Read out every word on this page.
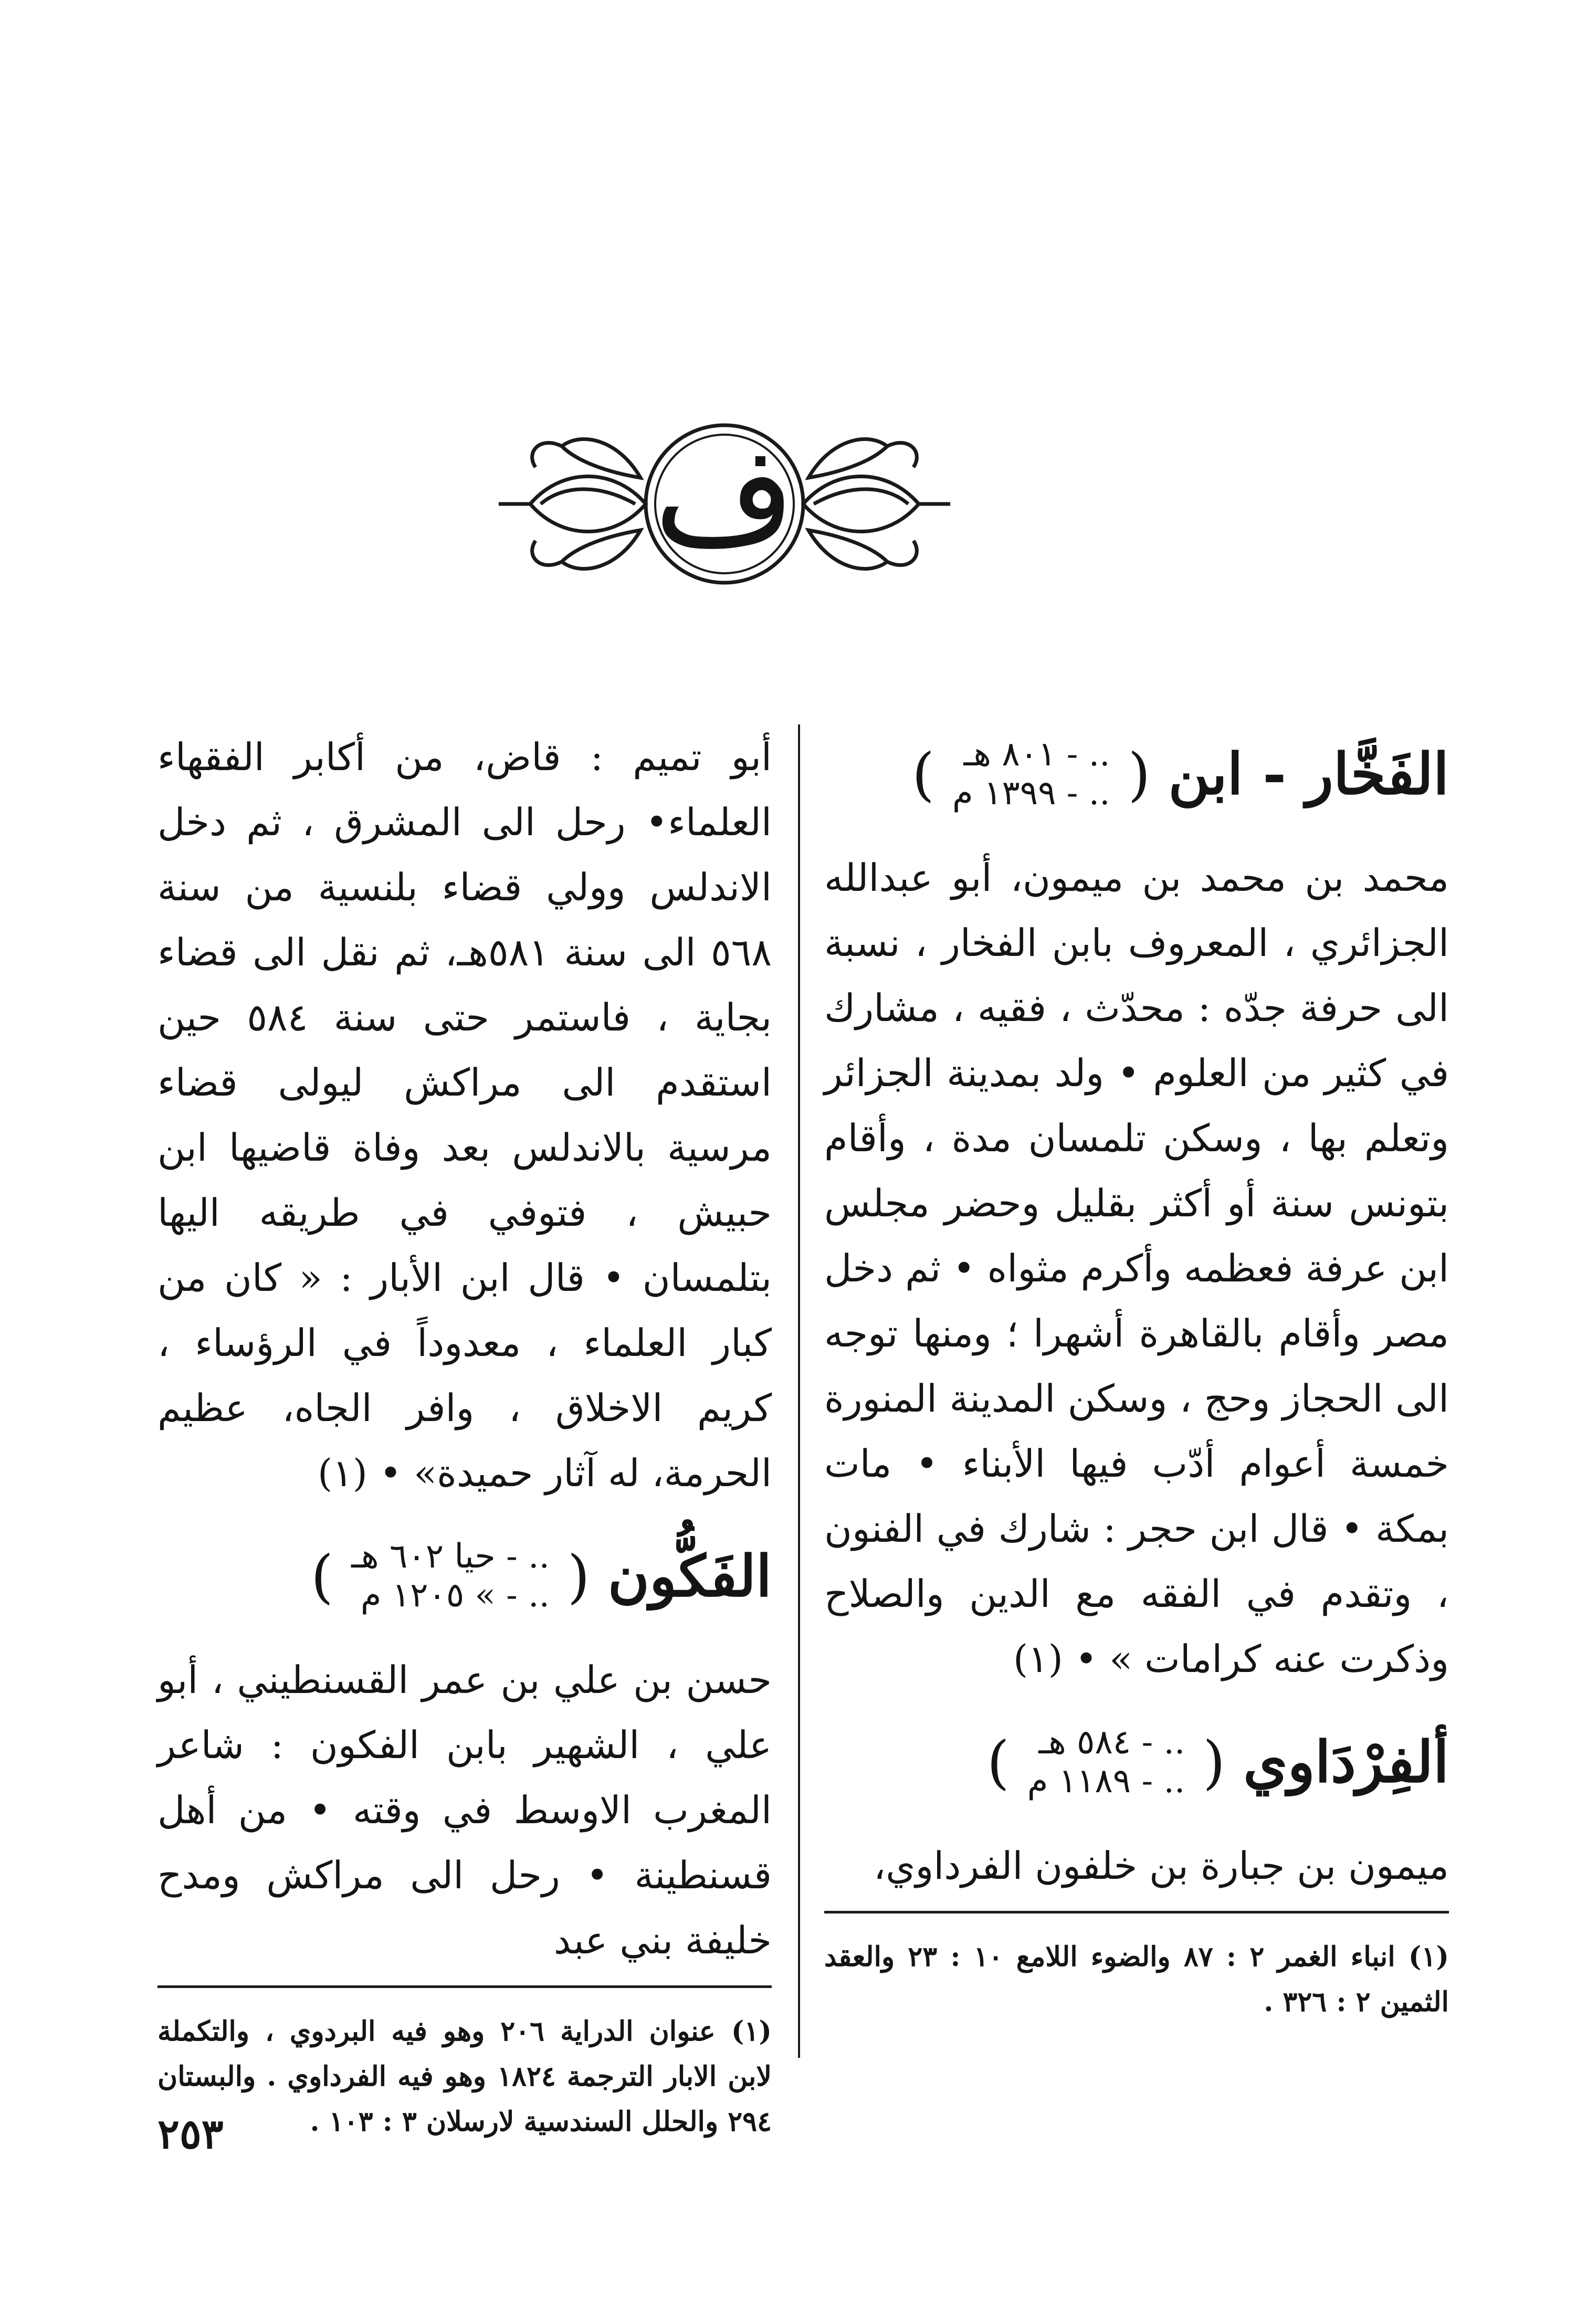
ف
الفَخَّار - ابن
(
.. - ٨٠١ هـ
.. - ١٣٩٩ م
)

محمد بن محمد بن ميمون، أبو عبدالله الجزائري ، المعروف بابن الفخار ، نسبة الى حرفة جدّه : محدّث ، فقيه ، مشارك في كثير من العلوم • ولد بمدينة الجزائر وتعلم بها ، وسكن تلمسان مدة ، وأقام بتونس سنة أو أكثر بقليل وحضر مجلس ابن عرفة فعظمه وأكرم مثواه • ثم دخل مصر وأقام بالقاهرة أشهرا ؛ ومنها توجه الى الحجاز وحج ، وسكن المدينة المنورة خمسة أعوام أدّب فيها الأبناء • مات بمكة • قال ابن حجر : شارك في الفنون ، وتقدم في الفقه مع الدين والصلاح وذكرت عنه كرامات » • (١)

ألفِرْدَاوي
(
.. - ٥٨٤ هـ
.. - ١١٨٩ م
)

ميمون بن جبارة بن خلفون الفرداوي،

(١) انباء الغمر ٢ : ٨٧ والضوء اللامع ١٠ : ٢٣ والعقد الثمين ٢ : ٣٢٦ .

أبو تميم : قاض، من أكابر الفقهاء العلماء• رحل الى المشرق ، ثم دخل الاندلس وولي قضاء بلنسية من سنة ٥٦٨ الى سنة ٥٨١هـ، ثم نقل الى قضاء بجاية ، فاستمر حتى سنة ٥٨٤ حين استقدم الى مراكش ليولى قضاء مرسية بالاندلس بعد وفاة قاضيها ابن حبيش ، فتوفي في طريقه اليها بتلمسان • قال ابن الأبار : « كان من كبار العلماء ، معدوداً في الرؤساء ، كريم الاخلاق ، وافر الجاه، عظيم الحرمة، له آثار حميدة» • (١)

الفَكُّون
(
.. - حيا ٦٠٢ هـ
.. - » ١٢٠٥ م
)

حسن بن علي بن عمر القسنطيني ، أبو علي ، الشهير بابن الفكون : شاعر المغرب الاوسط في وقته • من أهل قسنطينة • رحل الى مراكش ومدح خليفة بني عبد

(١) عنوان الدراية ٢٠٦ وهو فيه البردوي ، والتكملة لابن الابار الترجمة ١٨٢٤ وهو فيه الفرداوي . والبستان ٢٩٤ والحلل السندسية لارسلان ٣ : ١٠٣ .

٢٥٣
